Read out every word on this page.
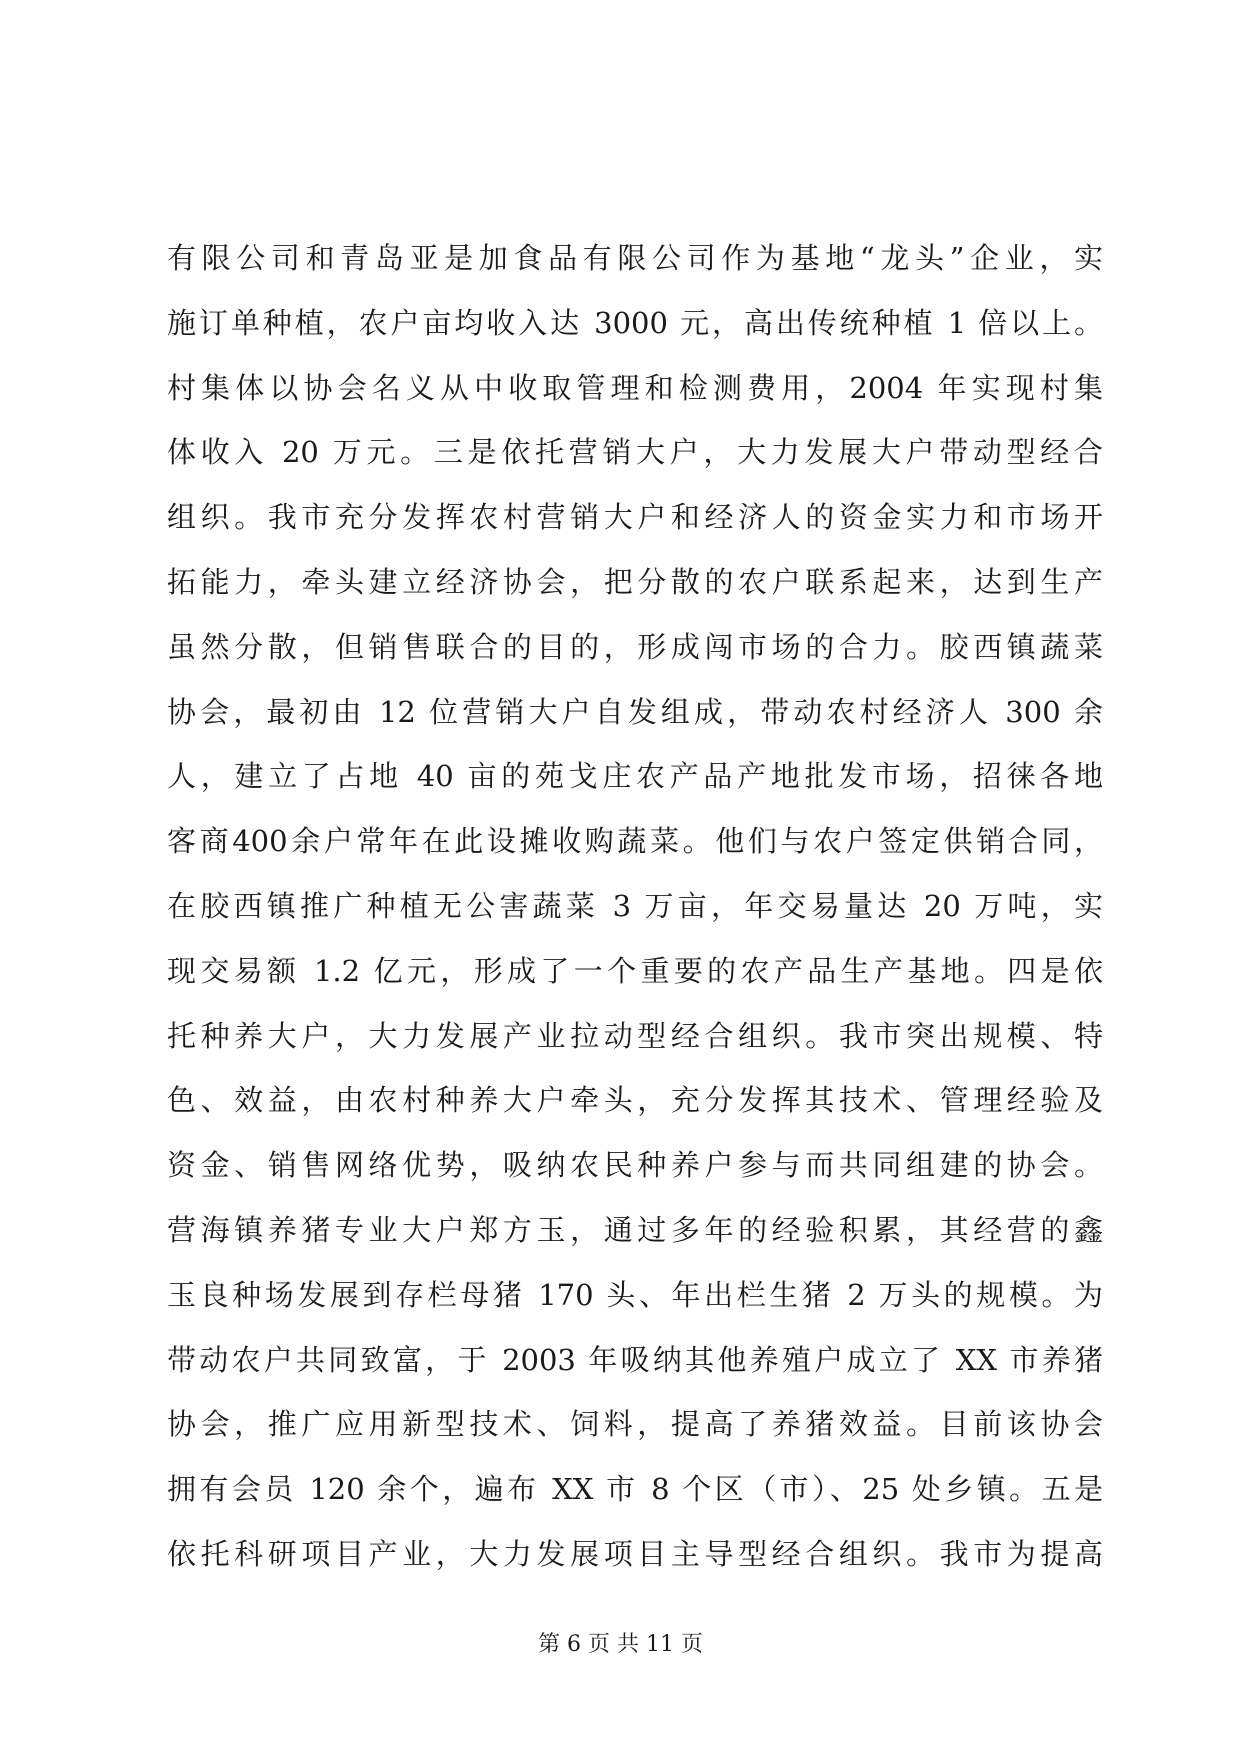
有限公司和青岛亚是加食品有限公司作为基地“龙头”企业，实
施订单种植，农户亩均收入达 3000 元，高出传统种植 1 倍以上。
村集体以协会名义从中收取管理和检测费用，2004 年实现村集
体收入 20 万元。三是依托营销大户，大力发展大户带动型经合
组织。我市充分发挥农村营销大户和经济人的资金实力和市场开
拓能力，牵头建立经济协会，把分散的农户联系起来，达到生产
虽然分散，但销售联合的目的，形成闯市场的合力。胶西镇蔬菜
协会，最初由 12 位营销大户自发组成，带动农村经济人 300 余
人，建立了占地 40 亩的苑戈庄农产品产地批发市场，招徕各地
客商400余户常年在此设摊收购蔬菜。他们与农户签定供销合同，
在胶西镇推广种植无公害蔬菜 3 万亩，年交易量达 20 万吨，实
现交易额 1.2 亿元，形成了一个重要的农产品生产基地。四是依
托种养大户，大力发展产业拉动型经合组织。我市突出规模、特
色、效益，由农村种养大户牵头，充分发挥其技术、管理经验及
资金、销售网络优势，吸纳农民种养户参与而共同组建的协会。
营海镇养猪专业大户郑方玉，通过多年的经验积累，其经营的鑫
玉良种场发展到存栏母猪 170 头、年出栏生猪 2 万头的规模。为
带动农户共同致富，于 2003 年吸纳其他养殖户成立了 XX 市养猪
协会，推广应用新型技术、饲料，提高了养猪效益。目前该协会
拥有会员 120 余个，遍布 XX 市 8 个区（市）、25 处乡镇。五是
依托科研项目产业，大力发展项目主导型经合组织。我市为提高
第 6 页 共 11 页
